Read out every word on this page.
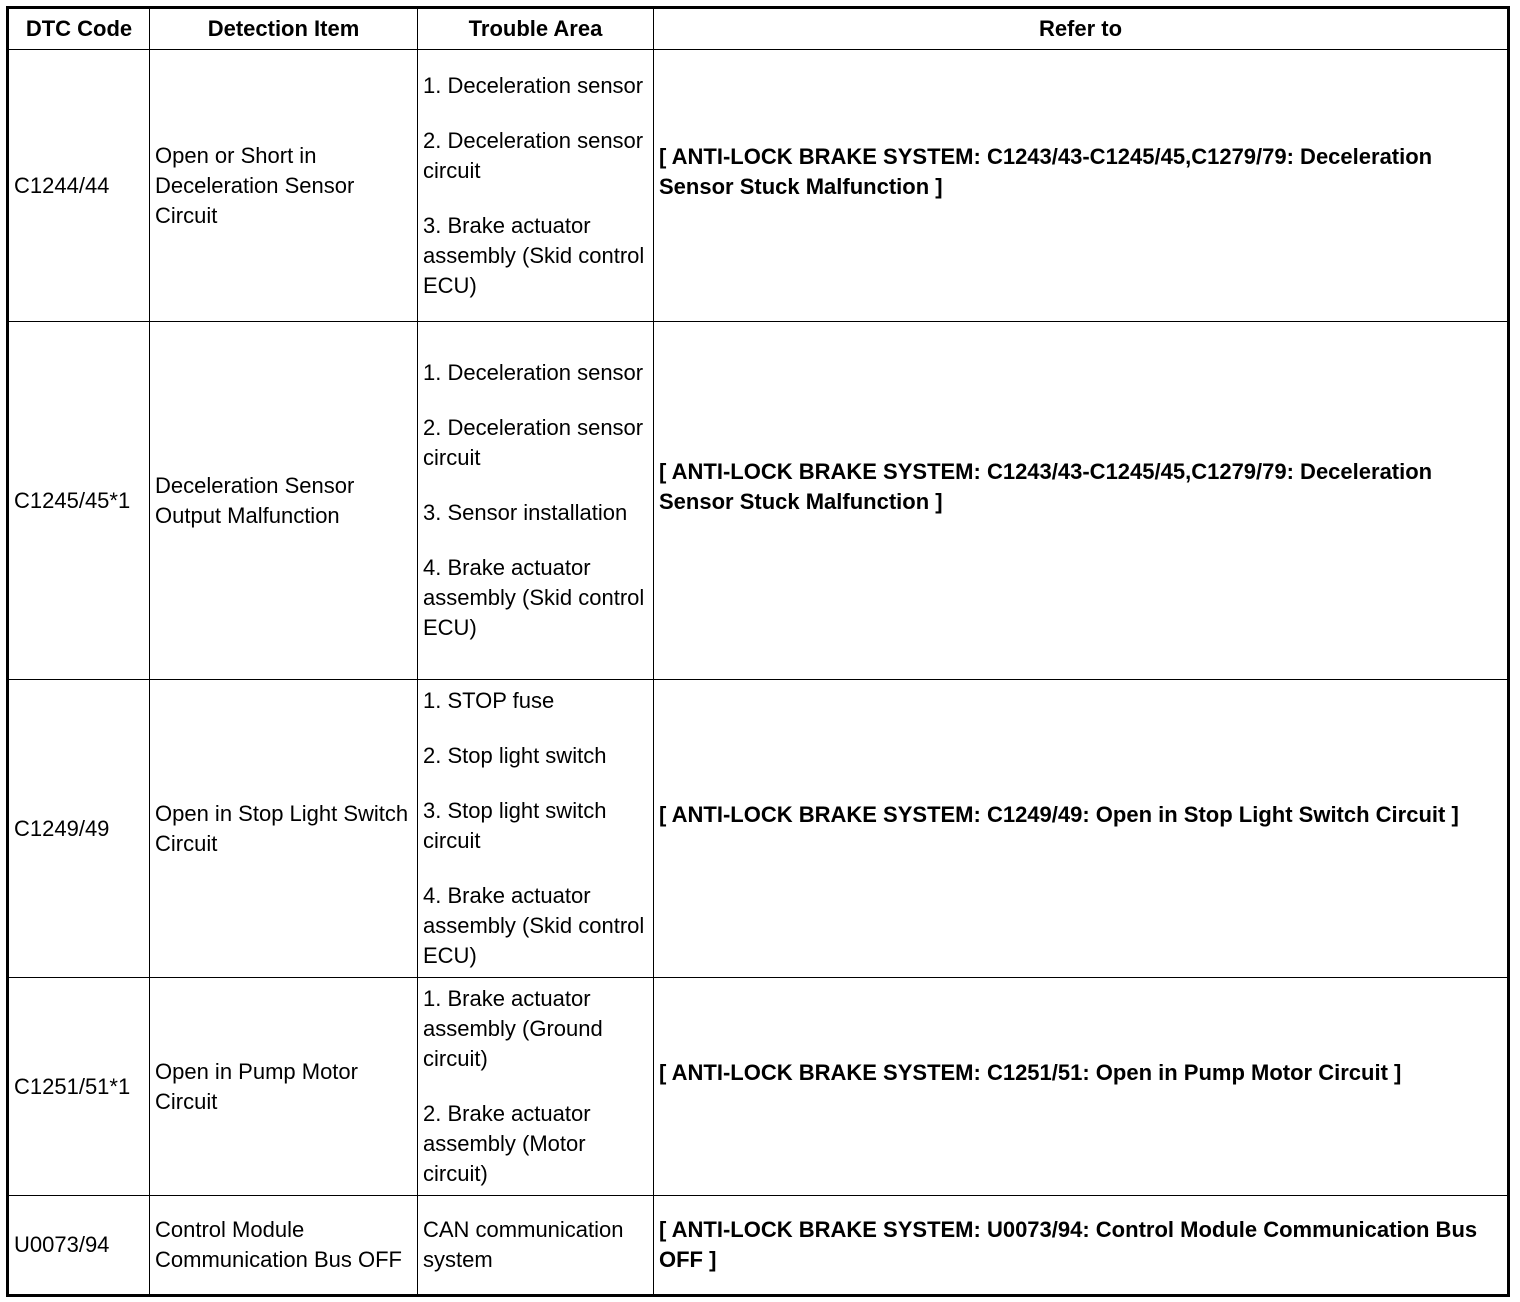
DTC Code	Detection Item	Trouble Area	Refer to
C1244/44	Open or Short in Deceleration Sensor Circuit	1. Deceleration sensor
2. Deceleration sensor circuit
3. Brake actuator assembly (Skid control ECU)	[ ANTI-LOCK BRAKE SYSTEM: C1243/43-C1245/45,C1279/79: Deceleration Sensor Stuck Malfunction ]

C1245/45*1	Deceleration Sensor Output Malfunction	1. Deceleration sensor
2. Deceleration sensor circuit
3. Sensor installation
4. Brake actuator assembly (Skid control ECU)	[ ANTI-LOCK BRAKE SYSTEM: C1243/43-C1245/45,C1279/79: Deceleration Sensor Stuck Malfunction ]

C1249/49	Open in Stop Light Switch Circuit	1. STOP fuse
2. Stop light switch
3. Stop light switch circuit
4. Brake actuator assembly (Skid control ECU)	[ ANTI-LOCK BRAKE SYSTEM: C1249/49: Open in Stop Light Switch Circuit ]

C1251/51*1	Open in Pump Motor Circuit	1. Brake actuator assembly (Ground circuit)
2. Brake actuator assembly (Motor circuit)	[ ANTI-LOCK BRAKE SYSTEM: C1251/51: Open in Pump Motor Circuit ]

U0073/94	Control Module Communication Bus OFF	CAN communication system	[ ANTI-LOCK BRAKE SYSTEM: U0073/94: Control Module Communication Bus OFF ]
